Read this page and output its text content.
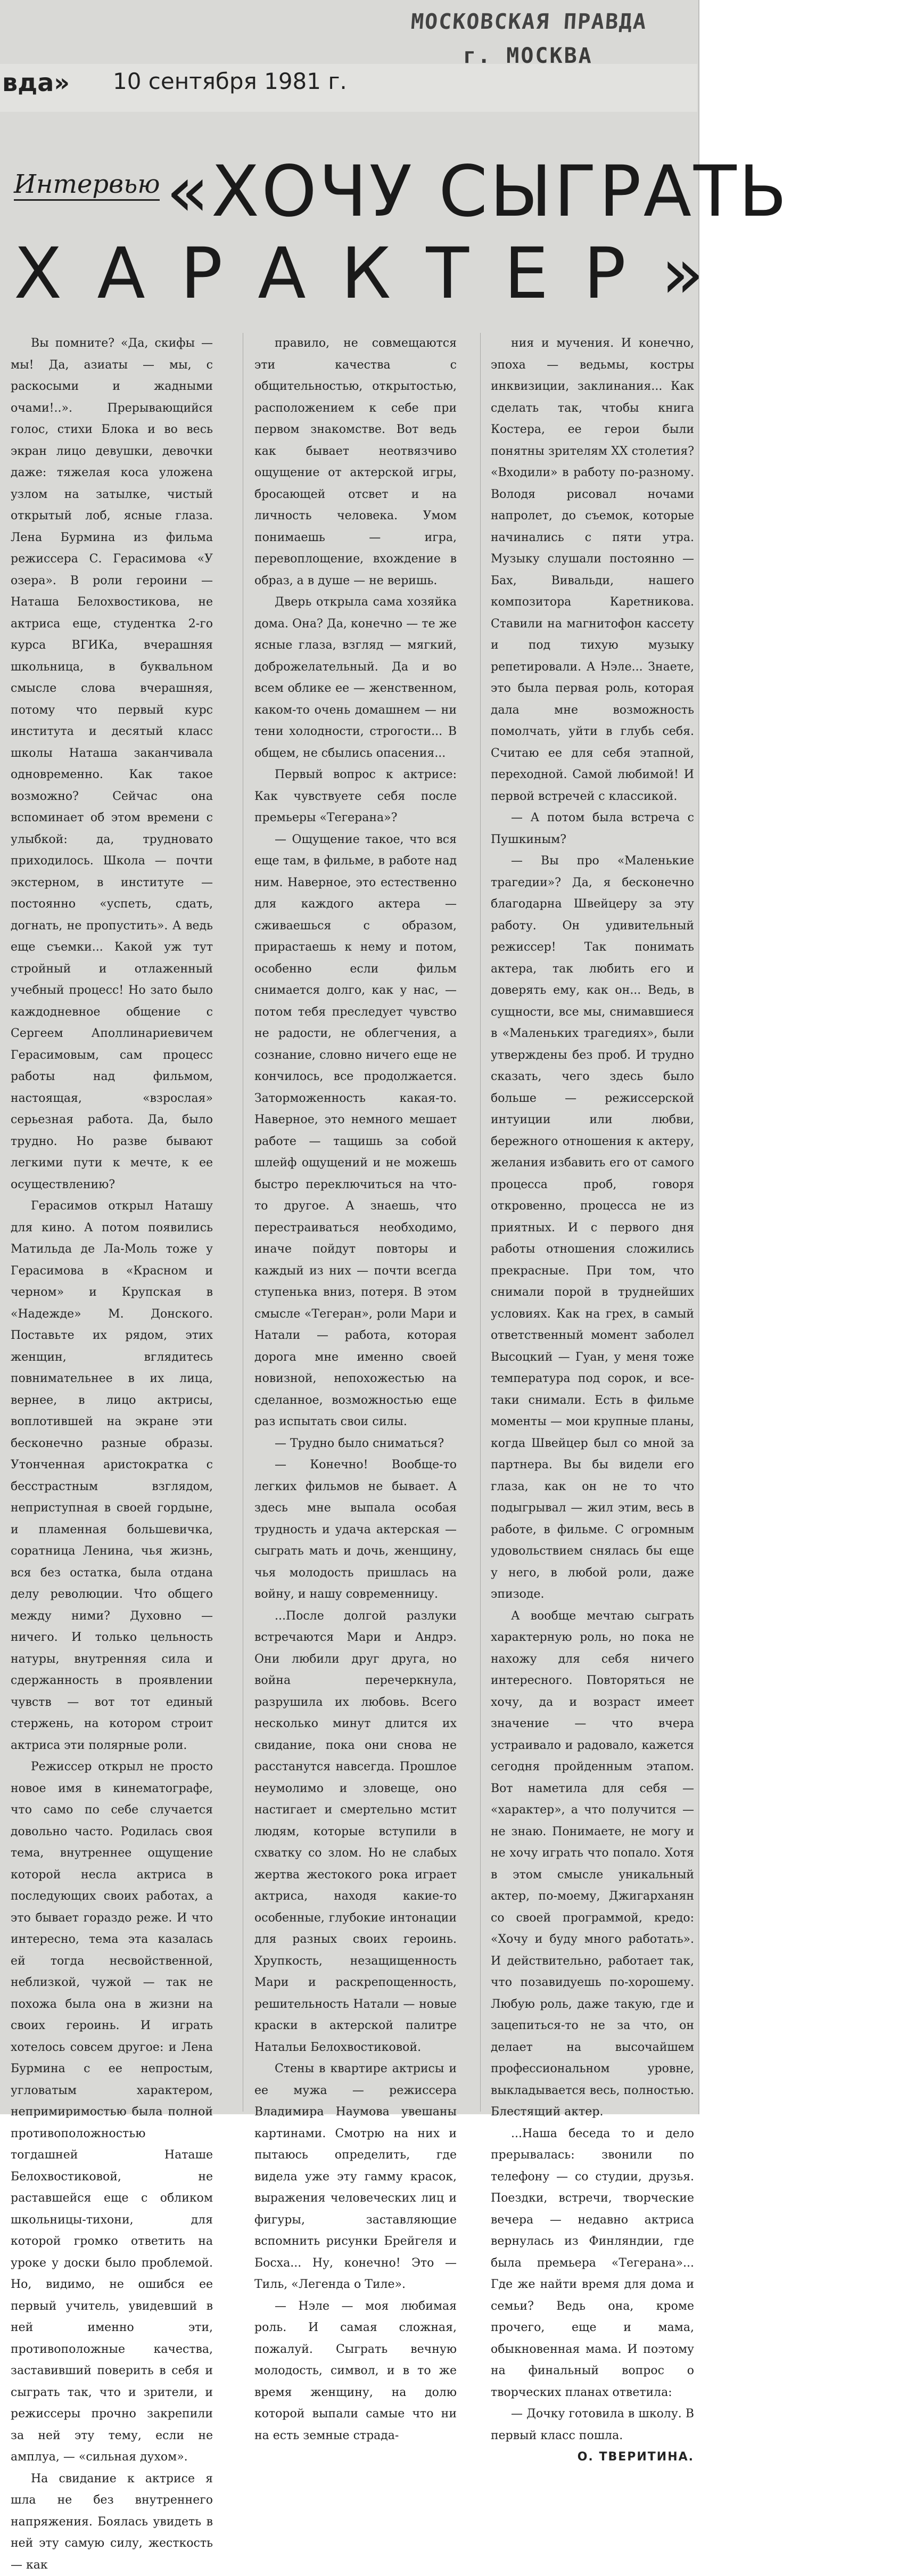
вда» 10 сентября 1981 г.
МОСКОВСКАЯ ПРАВДА
г. МОСКВА
Интервью «ХОЧУ СЫГРАТЬ
ХАРАКТЕР»

Вы помните? «Да, скифы — мы! Да, азиаты — мы, с раскосыми и жадными очами!..». Прерывающийся голос, стихи Блока и во весь экран лицо девушки, девочки даже: тяжелая коса уложена узлом на затылке, чистый открытый лоб, ясные глаза. Лена Бурмина из фильма режиссера С. Герасимова «У озера». В роли героини — Наташа Белохвостикова, не актриса еще, студентка 2-го курса ВГИКа, вчерашняя школьница, в буквальном смысле слова вчерашняя, потому что первый курс института и десятый класс школы Наташа заканчивала одновременно. Как такое возможно? Сейчас она вспоминает об этом времени с улыбкой: да, трудновато приходилось. Школа — почти экстерном, в институте — постоянно «успеть, сдать, догнать, не пропустить». А ведь еще съемки... Какой уж тут стройный и отлаженный учебный процесс! Но зато было каждодневное общение с Сергеем Аполлинариевичем Герасимовым, сам процесс работы над фильмом, настоящая, «взрослая» серьезная работа. Да, было трудно. Но разве бывают легкими пути к мечте, к ее осуществлению?

Герасимов открыл Наташу для кино. А потом появились Матильда де Ла-Моль тоже у Герасимова в «Красном и черном» и Крупская в «Надежде» М. Донского. Поставьте их рядом, этих женщин, вглядитесь повнимательнее в их лица, вернее, в лицо актрисы, воплотившей на экране эти бесконечно разные образы. Утонченная аристократка с бесстрастным взглядом, неприступная в своей гордыне, и пламенная большевичка, соратница Ленина, чья жизнь, вся без остатка, была отдана делу революции. Что общего между ними? Духовно — ничего. И только цельность натуры, внутренняя сила и сдержанность в проявлении чувств — вот тот единый стержень, на котором строит актриса эти полярные роли.

Режиссер открыл не просто новое имя в кинематографе, что само по себе случается довольно часто. Родилась своя тема, внутреннее ощущение которой несла актриса в последующих своих работах, а это бывает гораздо реже. И что интересно, тема эта казалась ей тогда несвойственной, неблизкой, чужой — так не похожа была она в жизни на своих героинь. И играть хотелось совсем другое: и Лена Бурмина с ее непростым, угловатым характером, непримиримостью была полной противоположностью тогдашней Наташе Белохвостиковой, не раставшейся еще с обликом школьницы-тихони, для которой громко ответить на уроке у доски было проблемой. Но, видимо, не ошибся ее первый учитель, увидевший в ней именно эти, противоположные качества, заставивший поверить в себя и сыграть так, что и зрители, и режиссеры прочно закрепили за ней эту тему, если не амплуа, — «сильная духом».

На свидание к актрисе я шла не без внутреннего напряжения. Боялась увидеть в ней эту самую силу, жесткость — как

правило, не совмещаются эти качества с общительностью, открытостью, расположением к себе при первом знакомстве. Вот ведь как бывает неотвязчиво ощущение от актерской игры, бросающей отсвет и на личность человека. Умом понимаешь — игра, перевоплощение, вхождение в образ, а в душе — не веришь.

Дверь открыла сама хозяйка дома. Она? Да, конечно — те же ясные глаза, взгляд — мягкий, доброжелательный. Да и во всем облике ее — женственном, каком-то очень домашнем — ни тени холодности, строгости... В общем, не сбылись опасения...

Первый вопрос к актрисе: Как чувствуете себя после премьеры «Тегерана»?

— Ощущение такое, что вся еще там, в фильме, в работе над ним. Наверное, это естественно для каждого актера — сживаешься с образом, прирастаешь к нему и потом, особенно если фильм снимается долго, как у нас, — потом тебя преследует чувство не радости, не облегчения, а сознание, словно ничего еще не кончилось, все продолжается. Заторможенность какая-то. Наверное, это немного мешает работе — тащишь за собой шлейф ощущений и не можешь быстро переключиться на что-то другое. А знаешь, что перестраиваться необходимо, иначе пойдут повторы и каждый из них — почти всегда ступенька вниз, потеря. В этом смысле «Тегеран», роли Мари и Натали — работа, которая дорога мне именно своей новизной, непохожестью на сделанное, возможностью еще раз испытать свои силы.

— Трудно было сниматься?

— Конечно! Вообще-то легких фильмов не бывает. А здесь мне выпала особая трудность и удача актерская — сыграть мать и дочь, женщину, чья молодость пришлась на войну, и нашу современницу.

...После долгой разлуки встречаются Мари и Андрэ. Они любили друг друга, но война перечеркнула, разрушила их любовь. Всего несколько минут длится их свидание, пока они снова не расстанутся навсегда. Прошлое неумолимо и зловеще, оно настигает и смертельно мстит людям, которые вступили в схватку со злом. Но не слабых жертва жестокого рока играет актриса, находя какие-то особенные, глубокие интонации для разных своих героинь. Хрупкость, незащищенность Мари и раскрепощенность, решительность Натали — новые краски в актерской палитре Натальи Белохвостиковой.

Стены в квартире актрисы и ее мужа — режиссера Владимира Наумова увешаны картинами. Смотрю на них и пытаюсь определить, где видела уже эту гамму красок, выражения человеческих лиц и фигуры, заставляющие вспомнить рисунки Брейгеля и Босха... Ну, конечно! Это — Тиль, «Легенда о Тиле».

— Нэле — моя любимая роль. И самая сложная, пожалуй. Сыграть вечную молодость, символ, и в то же время женщину, на долю которой выпали самые что ни на есть земные страда-

ния и мучения. И конечно, эпоха — ведьмы, костры инквизиции, заклинания... Как сделать так, чтобы книга Костера, ее герои были понятны зрителям XX столетия? «Входили» в работу по-разному. Володя рисовал ночами напролет, до съемок, которые начинались с пяти утра. Музыку слушали постоянно — Бах, Вивальди, нашего композитора Каретникова. Ставили на магнитофон кассету и под тихую музыку репетировали. А Нэле... Знаете, это была первая роль, которая дала мне возможность помолчать, уйти в глубь себя. Считаю ее для себя этапной, переходной. Самой любимой! И первой встречей с классикой.

— А потом была встреча с Пушкиным?

— Вы про «Маленькие трагедии»? Да, я бесконечно благодарна Швейцеру за эту работу. Он удивительный режиссер! Так понимать актера, так любить его и доверять ему, как он... Ведь, в сущности, все мы, снимавшиеся в «Маленьких трагедиях», были утверждены без проб. И трудно сказать, чего здесь было больше — режиссерской интуиции или любви, бережного отношения к актеру, желания избавить его от самого процесса проб, говоря откровенно, процесса не из приятных. И с первого дня работы отношения сложились прекрасные. При том, что снимали порой в труднейших условиях. Как на грех, в самый ответственный момент заболел Высоцкий — Гуан, у меня тоже температура под сорок, и все-таки снимали. Есть в фильме моменты — мои крупные планы, когда Швейцер был со мной за партнера. Вы бы видели его глаза, как он не то что подыгрывал — жил этим, весь в работе, в фильме. С огромным удовольствием снялась бы еще у него, в любой роли, даже эпизоде.

А вообще мечтаю сыграть характерную роль, но пока не нахожу для себя ничего интересного. Повторяться не хочу, да и возраст имеет значение — что вчера устраивало и радовало, кажется сегодня пройденным этапом. Вот наметила для себя — «характер», а что получится — не знаю. Понимаете, не могу и не хочу играть что попало. Хотя в этом смысле уникальный актер, по-моему, Джигарханян со своей программой, кредо: «Хочу и буду много работать». И действительно, работает так, что позавидуешь по-хорошему. Любую роль, даже такую, где и зацепиться-то не за что, он делает на высочайшем профессиональном уровне, выкладывается весь, полностью. Блестящий актер.

...Наша беседа то и дело прерывалась: звонили по телефону — со студии, друзья. Поездки, встречи, творческие вечера — недавно актриса вернулась из Финляндии, где была премьера «Тегерана»... Где же найти время для дома и семьи? Ведь она, кроме прочего, еще и мама, обыкновенная мама. И поэтому на финальный вопрос о творческих планах ответила:

— Дочку готовила в школу. В первый класс пошла.

О. ТВЕРИТИНА.
